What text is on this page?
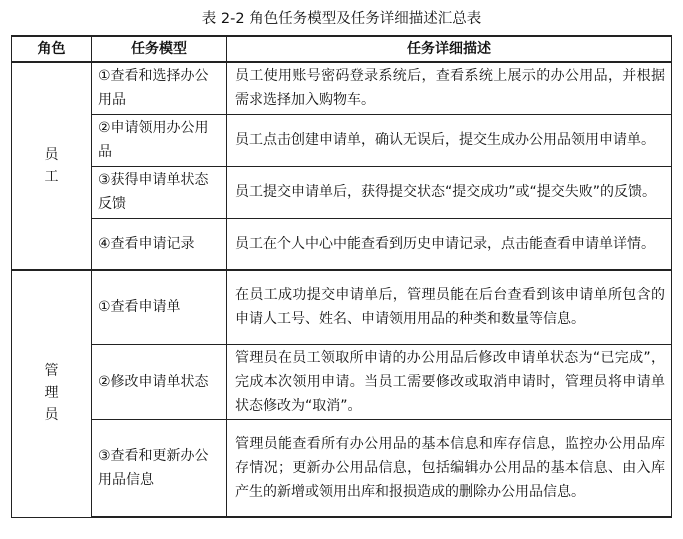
表 2-2 角色任务模型及任务详细描述汇总表
角色	任务模型	任务详细描述
员工	①查看和选择办公用品	员工使用账号密码登录系统后，查看系统上展示的办公用品，并根据需求选择加入购物车。
	②申请领用办公用品	员工点击创建申请单，确认无误后，提交生成办公用品领用申请单。
	③获得申请单状态反馈	员工提交申请单后，获得提交状态“提交成功”或“提交失败”的反馈。
	④查看申请记录	员工在个人中心中能查看到历史申请记录，点击能查看申请单详情。
管理员	①查看申请单	在员工成功提交申请单后，管理员能在后台查看到该申请单所包含的申请人工号、姓名、申请领用用品的种类和数量等信息。
	②修改申请单状态	管理员在员工领取所申请的办公用品后修改申请单状态为“已完成”，完成本次领用申请。当员工需要修改或取消申请时，管理员将申请单状态修改为“取消”。
	③查看和更新办公用品信息	管理员能查看所有办公用品的基本信息和库存信息，监控办公用品库存情况；更新办公用品信息，包括编辑办公用品的基本信息、由入库产生的新增或领用出库和报损造成的删除办公用品信息。
